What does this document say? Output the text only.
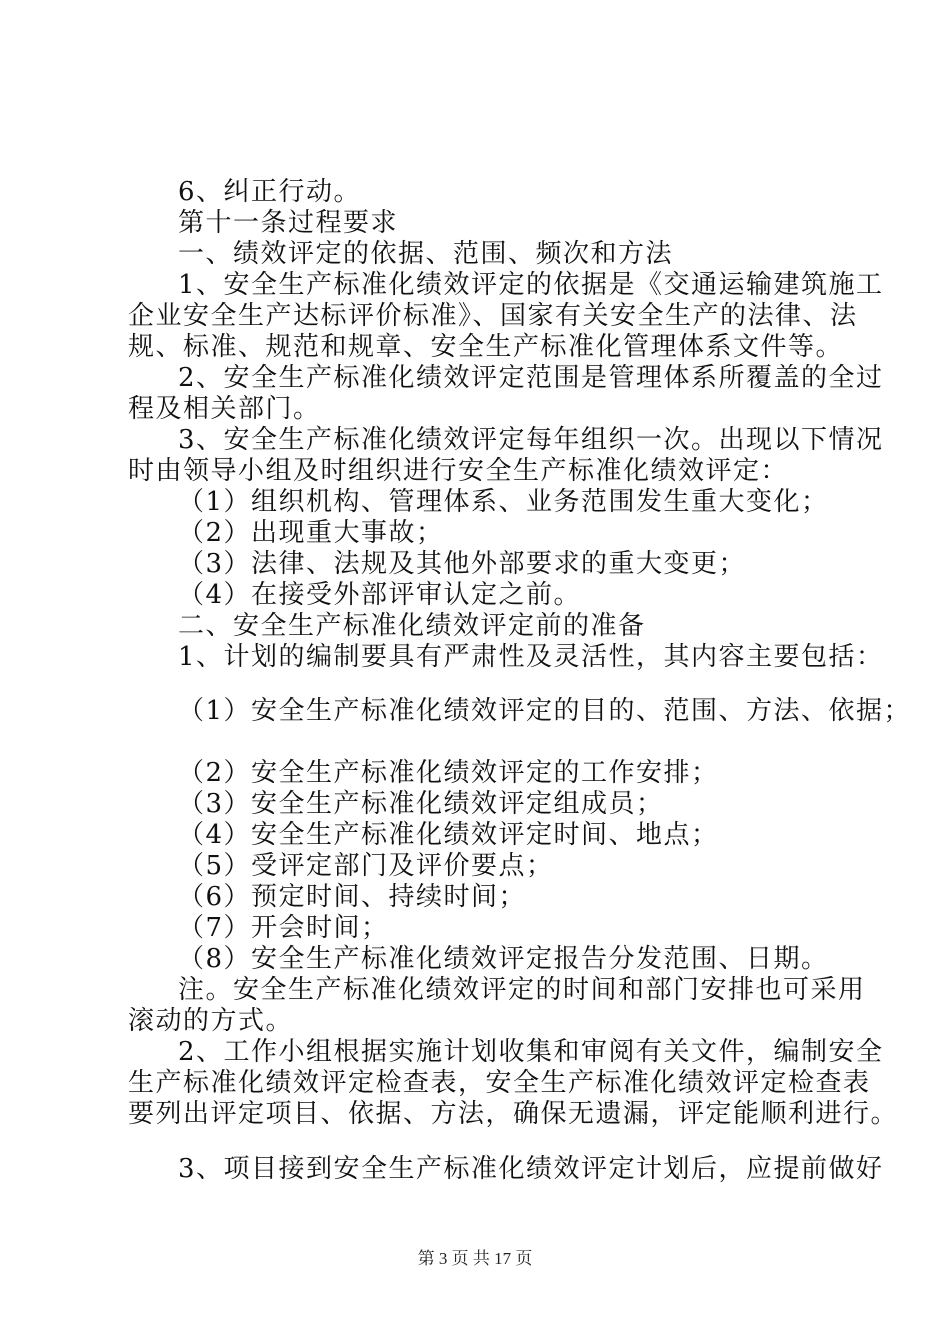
6、纠正行动。
第十一条过程要求
一、绩效评定的依据、范围、频次和方法
1、安全生产标准化绩效评定的依据是《交通运输建筑施工
企业安全生产达标评价标准》、国家有关安全生产的法律、法
规、标准、规范和规章、安全生产标准化管理体系文件等。
2、安全生产标准化绩效评定范围是管理体系所覆盖的全过
程及相关部门。
3、安全生产标准化绩效评定每年组织一次。出现以下情况
时由领导小组及时组织进行安全生产标准化绩效评定：
（1）组织机构、管理体系、业务范围发生重大变化；
（2）出现重大事故；
（3）法律、法规及其他外部要求的重大变更；
（4）在接受外部评审认定之前。
二、安全生产标准化绩效评定前的准备
1、计划的编制要具有严肃性及灵活性，其内容主要包括：
（1）安全生产标准化绩效评定的目的、范围、方法、依据；
（2）安全生产标准化绩效评定的工作安排；
（3）安全生产标准化绩效评定组成员；
（4）安全生产标准化绩效评定时间、地点；
（5）受评定部门及评价要点；
（6）预定时间、持续时间；
（7）开会时间；
（8）安全生产标准化绩效评定报告分发范围、日期。
注。安全生产标准化绩效评定的时间和部门安排也可采用
滚动的方式。
2、工作小组根据实施计划收集和审阅有关文件，编制安全
生产标准化绩效评定检查表，安全生产标准化绩效评定检查表
要列出评定项目、依据、方法，确保无遗漏，评定能顺利进行。
3、项目接到安全生产标准化绩效评定计划后，应提前做好
第 3 页 共 17 页
